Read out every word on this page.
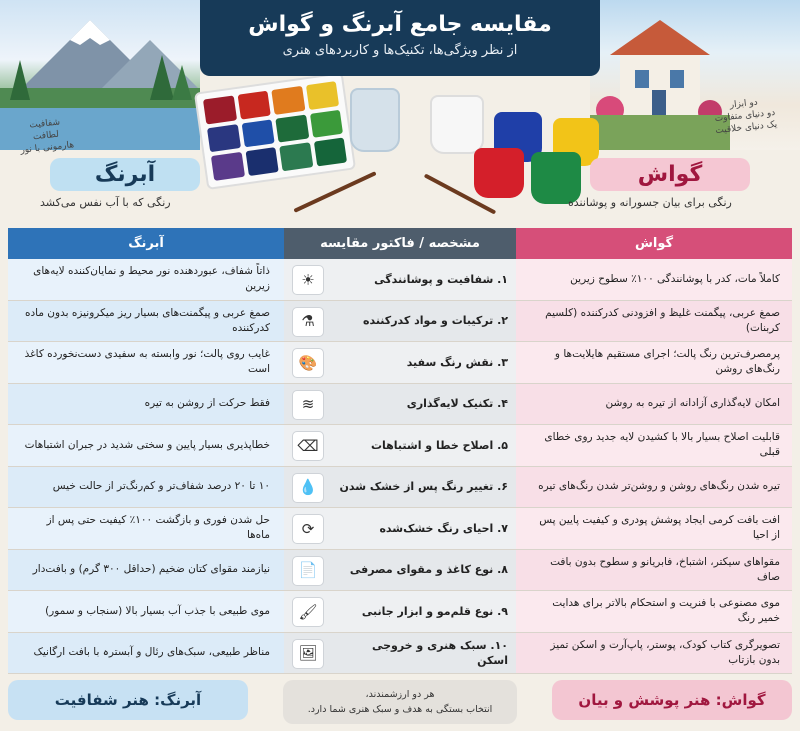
مقایسه جامع آبرنگ و گواش
از نظر ویژگی‌ها، تکنیک‌ها و کاربردهای هنری
آبرنگ
رنگی که با آب نفس می‌کشد
شفافیت
لطافت
هارمونی با نور
گواش
رنگی برای بیان جسورانه و پوشاننده
دو ابزار
دو دنیای متفاوت
یک دنیای خلاقیت
گواش
مشخصه / فاکتور مقایسه
آبرنگ
کاملاً مات، کدر با پوشانندگی ۱۰۰٪ سطوح زیرین
۱. شفافیت و پوشانندگی
☀
ذاتاً شفاف، عبوردهنده نور محیط و نمایان‌کننده لایه‌های زیرین
صمغ عربی، پیگمنت غلیظ و افزودنی کدرکننده (کلسیم کربنات)
۲. ترکیبات و مواد کدرکننده
⚗
صمغ عربی و پیگمنت‌های بسیار ریز میکرونیزه بدون ماده کدرکننده
پرمصرف‌ترین رنگ پالت؛ اجرای مستقیم هایلایت‌ها و رنگ‌های روشن
۳. نقش رنگ سفید
🎨
غایب روی پالت؛ نور وابسته به سفیدی دست‌نخورده کاغذ است
امکان لایه‌گذاری آزادانه از تیره به روشن
۴. تکنیک لایه‌گذاری
≋
فقط حرکت از روشن به تیره
قابلیت اصلاح بسیار بالا با کشیدن لایه جدید روی خطای قبلی
۵. اصلاح خطا و اشتباهات
⌫
خطاپذیری بسیار پایین و سختی شدید در جبران اشتباهات
تیره شدن رنگ‌های روشن و روشن‌تر شدن رنگ‌های تیره
۶. تغییر رنگ پس از خشک شدن
💧
۱۰ تا ۲۰ درصد شفاف‌تر و کم‌رنگ‌تر از حالت خیس
افت بافت کرمی ایجاد پوشش پودری و کیفیت پایین پس از احیا
۷. احیای رنگ خشک‌شده
⟳
حل شدن فوری و بازگشت ۱۰۰٪ کیفیت حتی پس از ماه‌ها
مقواهای سیکتر، اشتباخ، فابریانو و سطوح بدون بافت صاف
۸. نوع کاغذ و مقوای مصرفی
📄
نیازمند مقوای کتان ضخیم (حداقل ۳۰۰ گرم) و بافت‌دار
موی مصنوعی با فنریت و استحکام بالاتر برای هدایت خمیر رنگ
۹. نوع قلم‌مو و ابزار جانبی
🖌
موی طبیعی با جذب آب بسیار بالا (سنجاب و سمور)
تصویرگری کتاب کودک، پوستر، پاپ‌آرت و اسکن تمیز بدون بازتاب
۱۰. سبک هنری و خروجی اسکن
🖼
مناظر طبیعی، سبک‌های رئال و آبسترہ با بافت ارگانیک
گواش: هنر پوشش و بیان
هر دو ارزشمندند،
انتخاب بستگی به هدف و سبک هنری شما دارد.
آبرنگ: هنر شفافیت
